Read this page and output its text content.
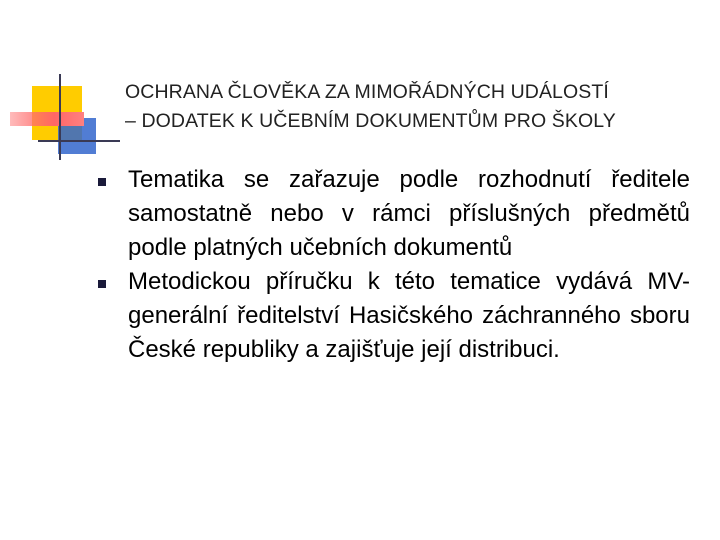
OCHRANA ČLOVĚKA ZA MIMOŘÁDNÝCH UDÁLOSTÍ
– DODATEK K UČEBNÍM DOKUMENTŮM PRO ŠKOLY
Tematika se zařazuje podle rozhodnutí ředitele samostatně nebo v rámci příslušných předmětů podle platných učebních dokumentů
Metodickou příručku k této tematice vydává MV-generální ředitelství Hasičského záchranného sboru České republiky a zajišťuje její distribuci.
